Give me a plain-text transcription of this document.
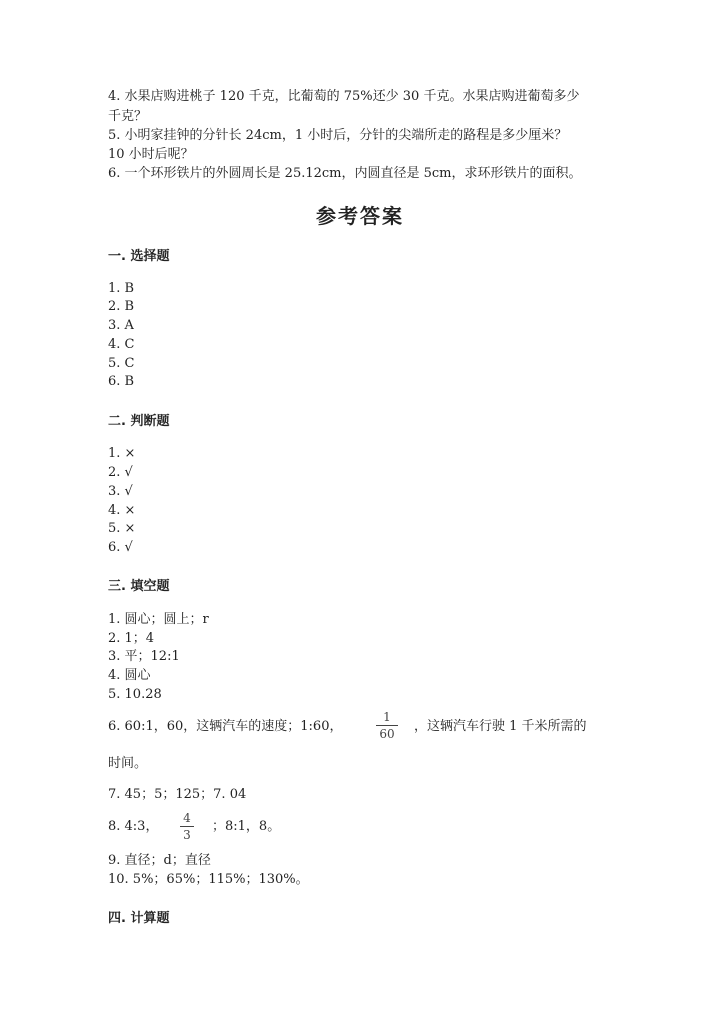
4. 水果店购进桃子 120 千克，比葡萄的 75%还少 30 千克。水果店购进葡萄多少
千克？
5. 小明家挂钟的分针长 24cm，1 小时后，分针的尖端所走的路程是多少厘米？
10 小时后呢？
6. 一个环形铁片的外圆周长是 25.12cm，内圆直径是 5cm，求环形铁片的面积。
参考答案
一. 选择题
1. B
2. B
3. A
4. C
5. C
6. B
二. 判断题
1. ×
2. √
3. √
4. ×
5. ×
6. √
三. 填空题
1. 圆心；圆上；r
2. 1；4
3. 平；12:1
4. 圆心
5. 10.28
6. 60:1，60，这辆汽车的速度；1:60，
1
60 ，这辆汽车行驶 1 千米所需的
时间。
7. 45；5；125；7. 04
8. 4:3，
4
3
；8:1，8。
9. 直径；d；直径
10. 5%；65%；115%；130%。
四. 计算题
